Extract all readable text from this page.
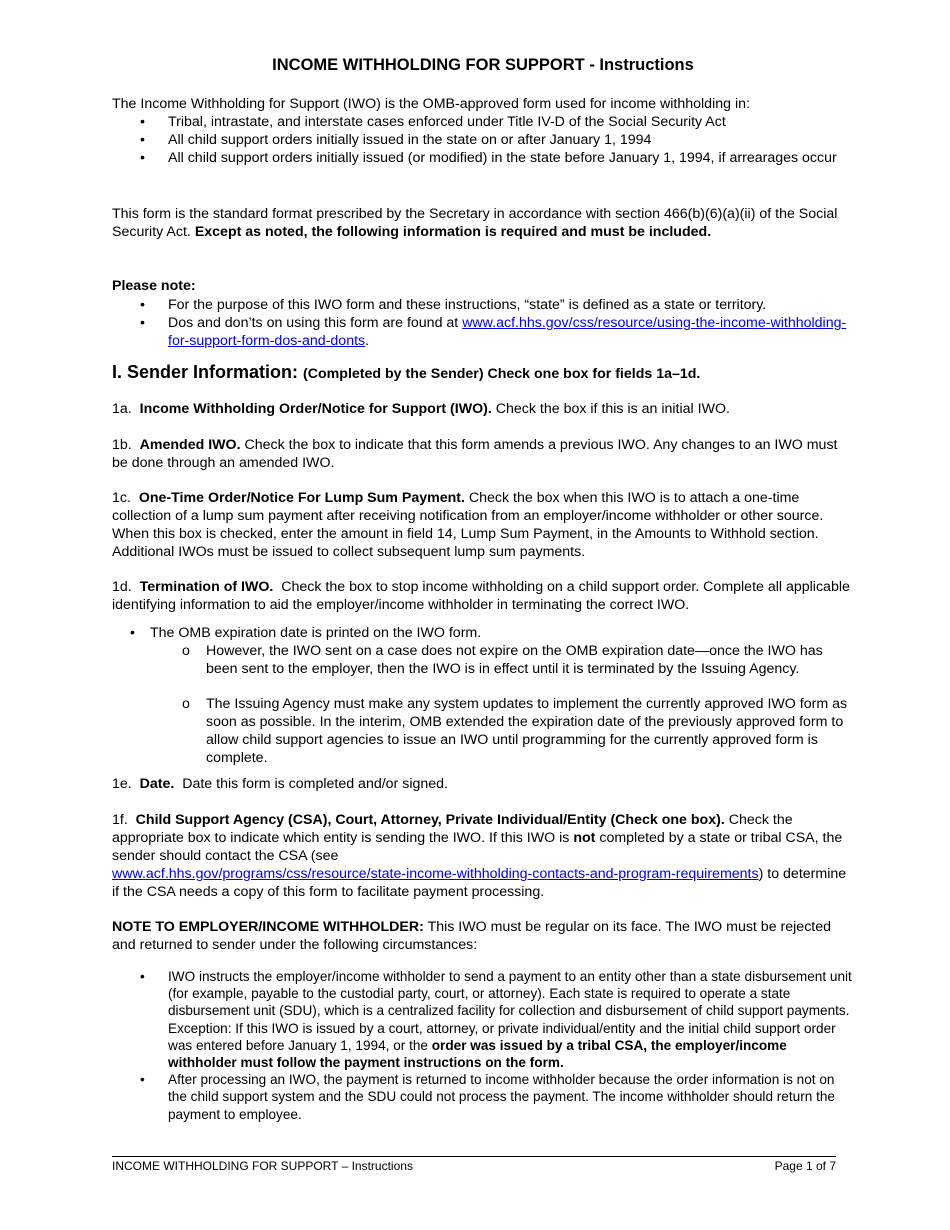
INCOME WITHHOLDING FOR SUPPORT - Instructions
The Income Withholding for Support (IWO) is the OMB-approved form used for income withholding in:
• Tribal, intrastate, and interstate cases enforced under Title IV-D of the Social Security Act
• All child support orders initially issued in the state on or after January 1, 1994
• All child support orders initially issued (or modified) in the state before January 1, 1994, if arrearages occur
This form is the standard format prescribed by the Secretary in accordance with section 466(b)(6)(a)(ii) of the Social Security Act. Except as noted, the following information is required and must be included.
Please note:
• For the purpose of this IWO form and these instructions, “state” is defined as a state or territory.
• Dos and don’ts on using this form are found at www.acf.hhs.gov/css/resource/using-the-income-withholding-for-support-form-dos-and-donts.
I. Sender Information: (Completed by the Sender) Check one box for fields 1a–1d.
1a. Income Withholding Order/Notice for Support (IWO). Check the box if this is an initial IWO.
1b. Amended IWO. Check the box to indicate that this form amends a previous IWO. Any changes to an IWO must be done through an amended IWO.
1c. One-Time Order/Notice For Lump Sum Payment. Check the box when this IWO is to attach a one-time collection of a lump sum payment after receiving notification from an employer/income withholder or other source. When this box is checked, enter the amount in field 14, Lump Sum Payment, in the Amounts to Withhold section. Additional IWOs must be issued to collect subsequent lump sum payments.
1d. Termination of IWO. Check the box to stop income withholding on a child support order. Complete all applicable identifying information to aid the employer/income withholder in terminating the correct IWO.
•	The OMB expiration date is printed on the IWO form.
o	However, the IWO sent on a case does not expire on the OMB expiration date—once the IWO has been sent to the employer, then the IWO is in effect until it is terminated by the Issuing Agency.
o	The Issuing Agency must make any system updates to implement the currently approved IWO form as soon as possible. In the interim, OMB extended the expiration date of the previously approved form to allow child support agencies to issue an IWO until programming for the currently approved form is complete.
1e. Date. Date this form is completed and/or signed.
1f. Child Support Agency (CSA), Court, Attorney, Private Individual/Entity (Check one box). Check the appropriate box to indicate which entity is sending the IWO. If this IWO is not completed by a state or tribal CSA, the sender should contact the CSA (see
www.acf.hhs.gov/programs/css/resource/state-income-withholding-contacts-and-program-requirements) to determine if the CSA needs a copy of this form to facilitate payment processing.
NOTE TO EMPLOYER/INCOME WITHHOLDER: This IWO must be regular on its face. The IWO must be rejected and returned to sender under the following circumstances:
• IWO instructs the employer/income withholder to send a payment to an entity other than a state disbursement unit (for example, payable to the custodial party, court, or attorney). Each state is required to operate a state disbursement unit (SDU), which is a centralized facility for collection and disbursement of child support payments. Exception: If this IWO is issued by a court, attorney, or private individual/entity and the initial child support order was entered before January 1, 1994, or the order was issued by a tribal CSA, the employer/income withholder must follow the payment instructions on the form.
• After processing an IWO, the payment is returned to income withholder because the order information is not on the child support system and the SDU could not process the payment. The income withholder should return the payment to employee.
INCOME WITHHOLDING FOR SUPPORT – Instructions	Page 1 of 7
